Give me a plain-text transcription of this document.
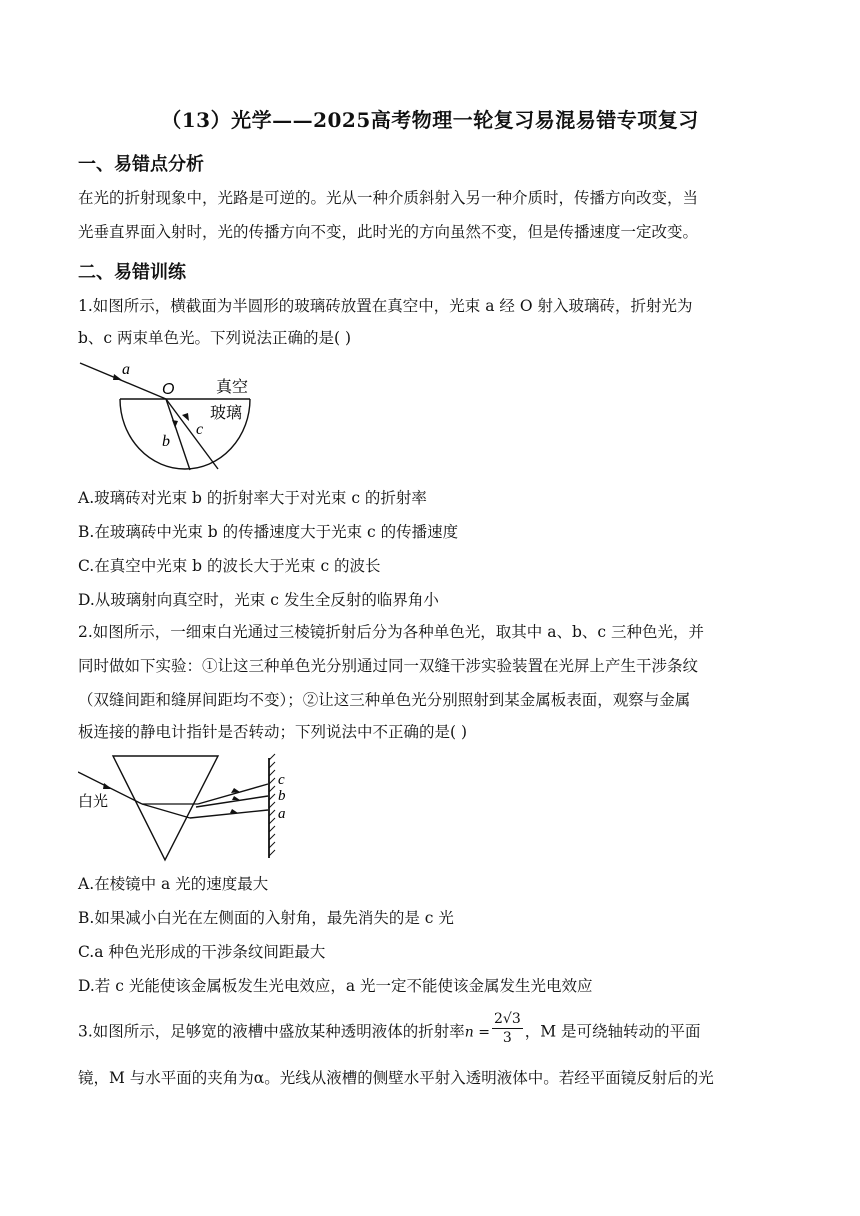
（13）光学——2025高考物理一轮复习易混易错专项复习
一、易错点分析
在光的折射现象中，光路是可逆的。光从一种介质斜射入另一种介质时，传播方向改变，当
光垂直界面入射时，光的传播方向不变，此时光的方向虽然不变，但是传播速度一定改变。
二、易错训练
1.如图所示，横截面为半圆形的玻璃砖放置在真空中，光束 a 经 O 射入玻璃砖，折射光为
b、c 两束单色光。下列说法正确的是( )
a
O	真空
玻璃
b
c
A.玻璃砖对光束 b 的折射率大于对光束 c 的折射率
B.在玻璃砖中光束 b 的传播速度大于光束 c 的传播速度
C.在真空中光束 b 的波长大于光束 c 的波长
D.从玻璃射向真空时，光束 c 发生全反射的临界角小
2.如图所示，一细束白光通过三棱镜折射后分为各种单色光，取其中 a、b、c 三种色光，并
同时做如下实验：①让这三种单色光分别通过同一双缝干涉实验装置在光屏上产生干涉条纹
（双缝间距和缝屏间距均不变）；②让这三种单色光分别照射到某金属板表面，观察与金属
板连接的静电计指针是否转动；下列说法中不正确的是( )
白光
c
b
a
A.在棱镜中 a 光的速度最大
B.如果减小白光在左侧面的入射角，最先消失的是 c 光
C.a 种色光形成的干涉条纹间距最大
D.若 c 光能使该金属板发生光电效应，a 光一定不能使该金属发生光电效应
3.如图所示，足够宽的液槽中盛放某种透明液体的折射率$n = \frac{2√3}{3}$ ，M 是可绕轴转动的平面
镜，M 与水平面的夹角为α。光线从液槽的侧壁水平射入透明液体中。若经平面镜反射后的光
